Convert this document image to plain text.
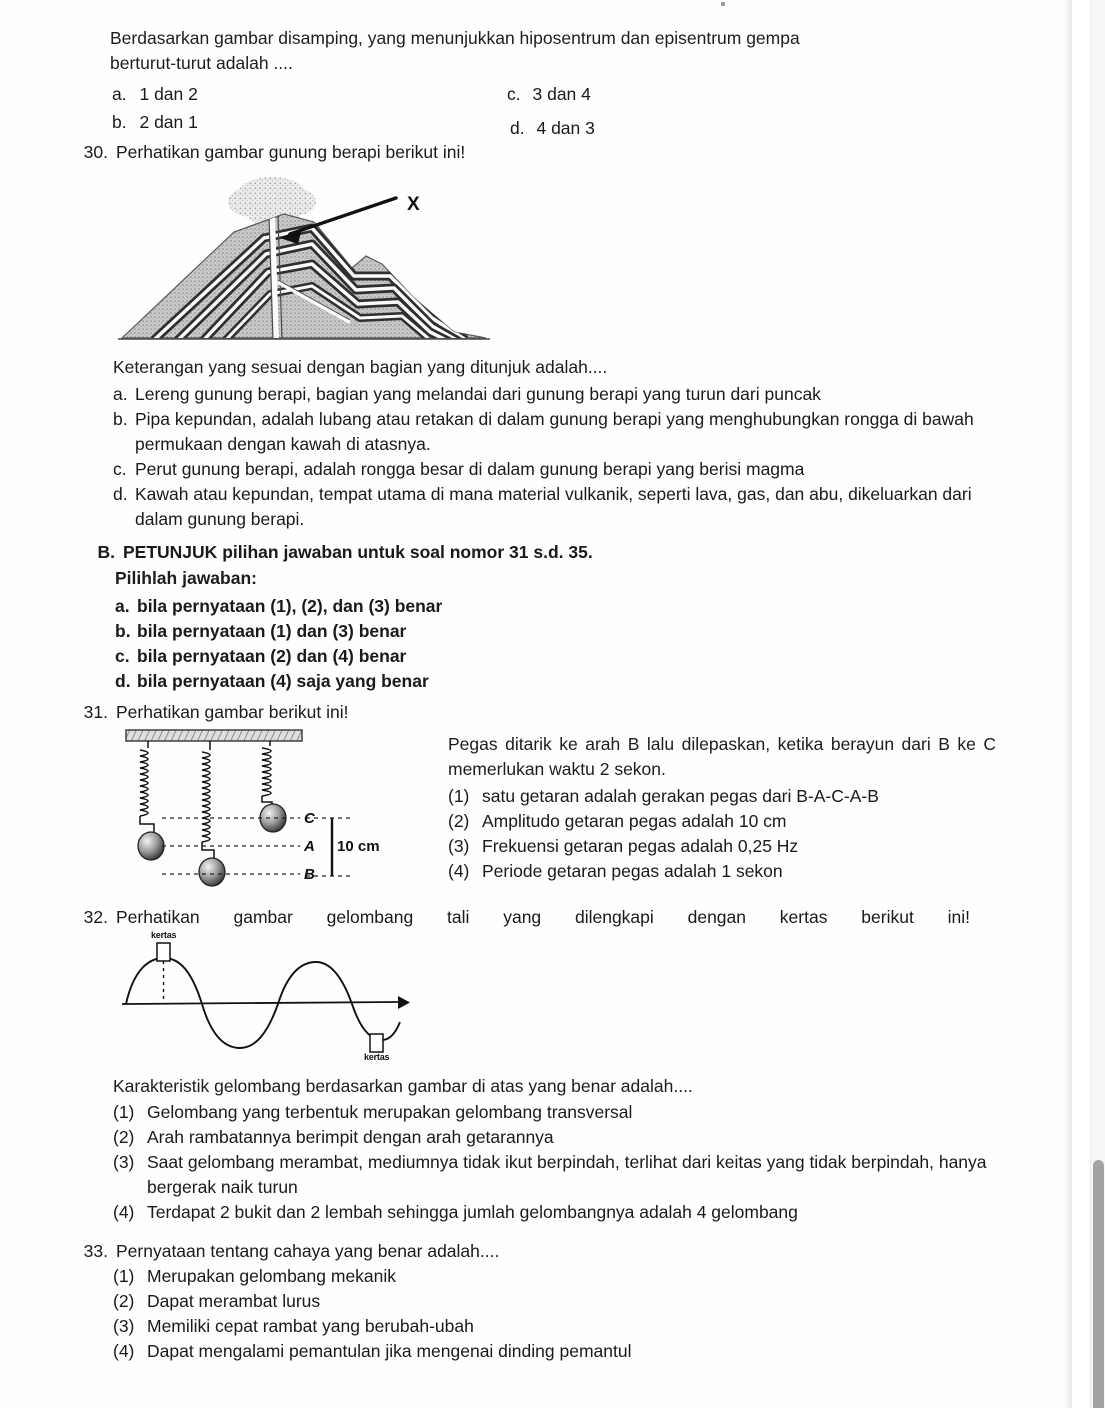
Berdasarkan gambar disamping, yang menunjukkan hiposentrum dan episentrum gempa
berturut-turut adalah ....
a. 1 dan 2	c. 3 dan 4
b. 2 dan 1	d. 4 dan 3
30. Perhatikan gambar gunung berapi berikut ini!
X
Keterangan yang sesuai dengan bagian yang ditunjuk adalah....
a. Lereng gunung berapi, bagian yang melandai dari gunung berapi yang turun dari puncak
b. Pipa kepundan, adalah lubang atau retakan di dalam gunung berapi yang menghubungkan rongga di bawah permukaan dengan kawah di atasnya.
c. Perut gunung berapi, adalah rongga besar di dalam gunung berapi yang berisi magma
d. Kawah atau kepundan, tempat utama di mana material vulkanik, seperti lava, gas, dan abu, dikeluarkan dari dalam gunung berapi.
B. PETUNJUK pilihan jawaban untuk soal nomor 31 s.d. 35.
Pilihlah jawaban:
a. bila pernyataan (1), (2), dan (3) benar
b. bila pernyataan (1) dan (3) benar
c. bila pernyataan (2) dan (4) benar
d. bila pernyataan (4) saja yang benar
31. Perhatikan gambar berikut ini!
C
A
B
10 cm
Pegas ditarik ke arah B lalu dilepaskan, ketika berayun dari B ke C memerlukan waktu 2 sekon.
(1) satu getaran adalah gerakan pegas dari B-A-C-A-B
(2) Amplitudo getaran pegas adalah 10 cm
(3) Frekuensi getaran pegas adalah 0,25 Hz
(4) Periode getaran pegas adalah 1 sekon
32. Perhatikan gambar gelombang tali yang dilengkapi dengan kertas berikut ini!
kertas
kertas
Karakteristik gelombang berdasarkan gambar di atas yang benar adalah....
(1) Gelombang yang terbentuk merupakan gelombang transversal
(2) Arah rambatannya berimpit dengan arah getarannya
(3) Saat gelombang merambat, mediumnya tidak ikut berpindah, terlihat dari keitas yang tidak berpindah, hanya bergerak naik turun
(4) Terdapat 2 bukit dan 2 lembah sehingga jumlah gelombangnya adalah 4 gelombang
33. Pernyataan tentang cahaya yang benar adalah....
(1) Merupakan gelombang mekanik
(2) Dapat merambat lurus
(3) Memiliki cepat rambat yang berubah-ubah
(4) Dapat mengalami pemantulan jika mengenai dinding pemantul
